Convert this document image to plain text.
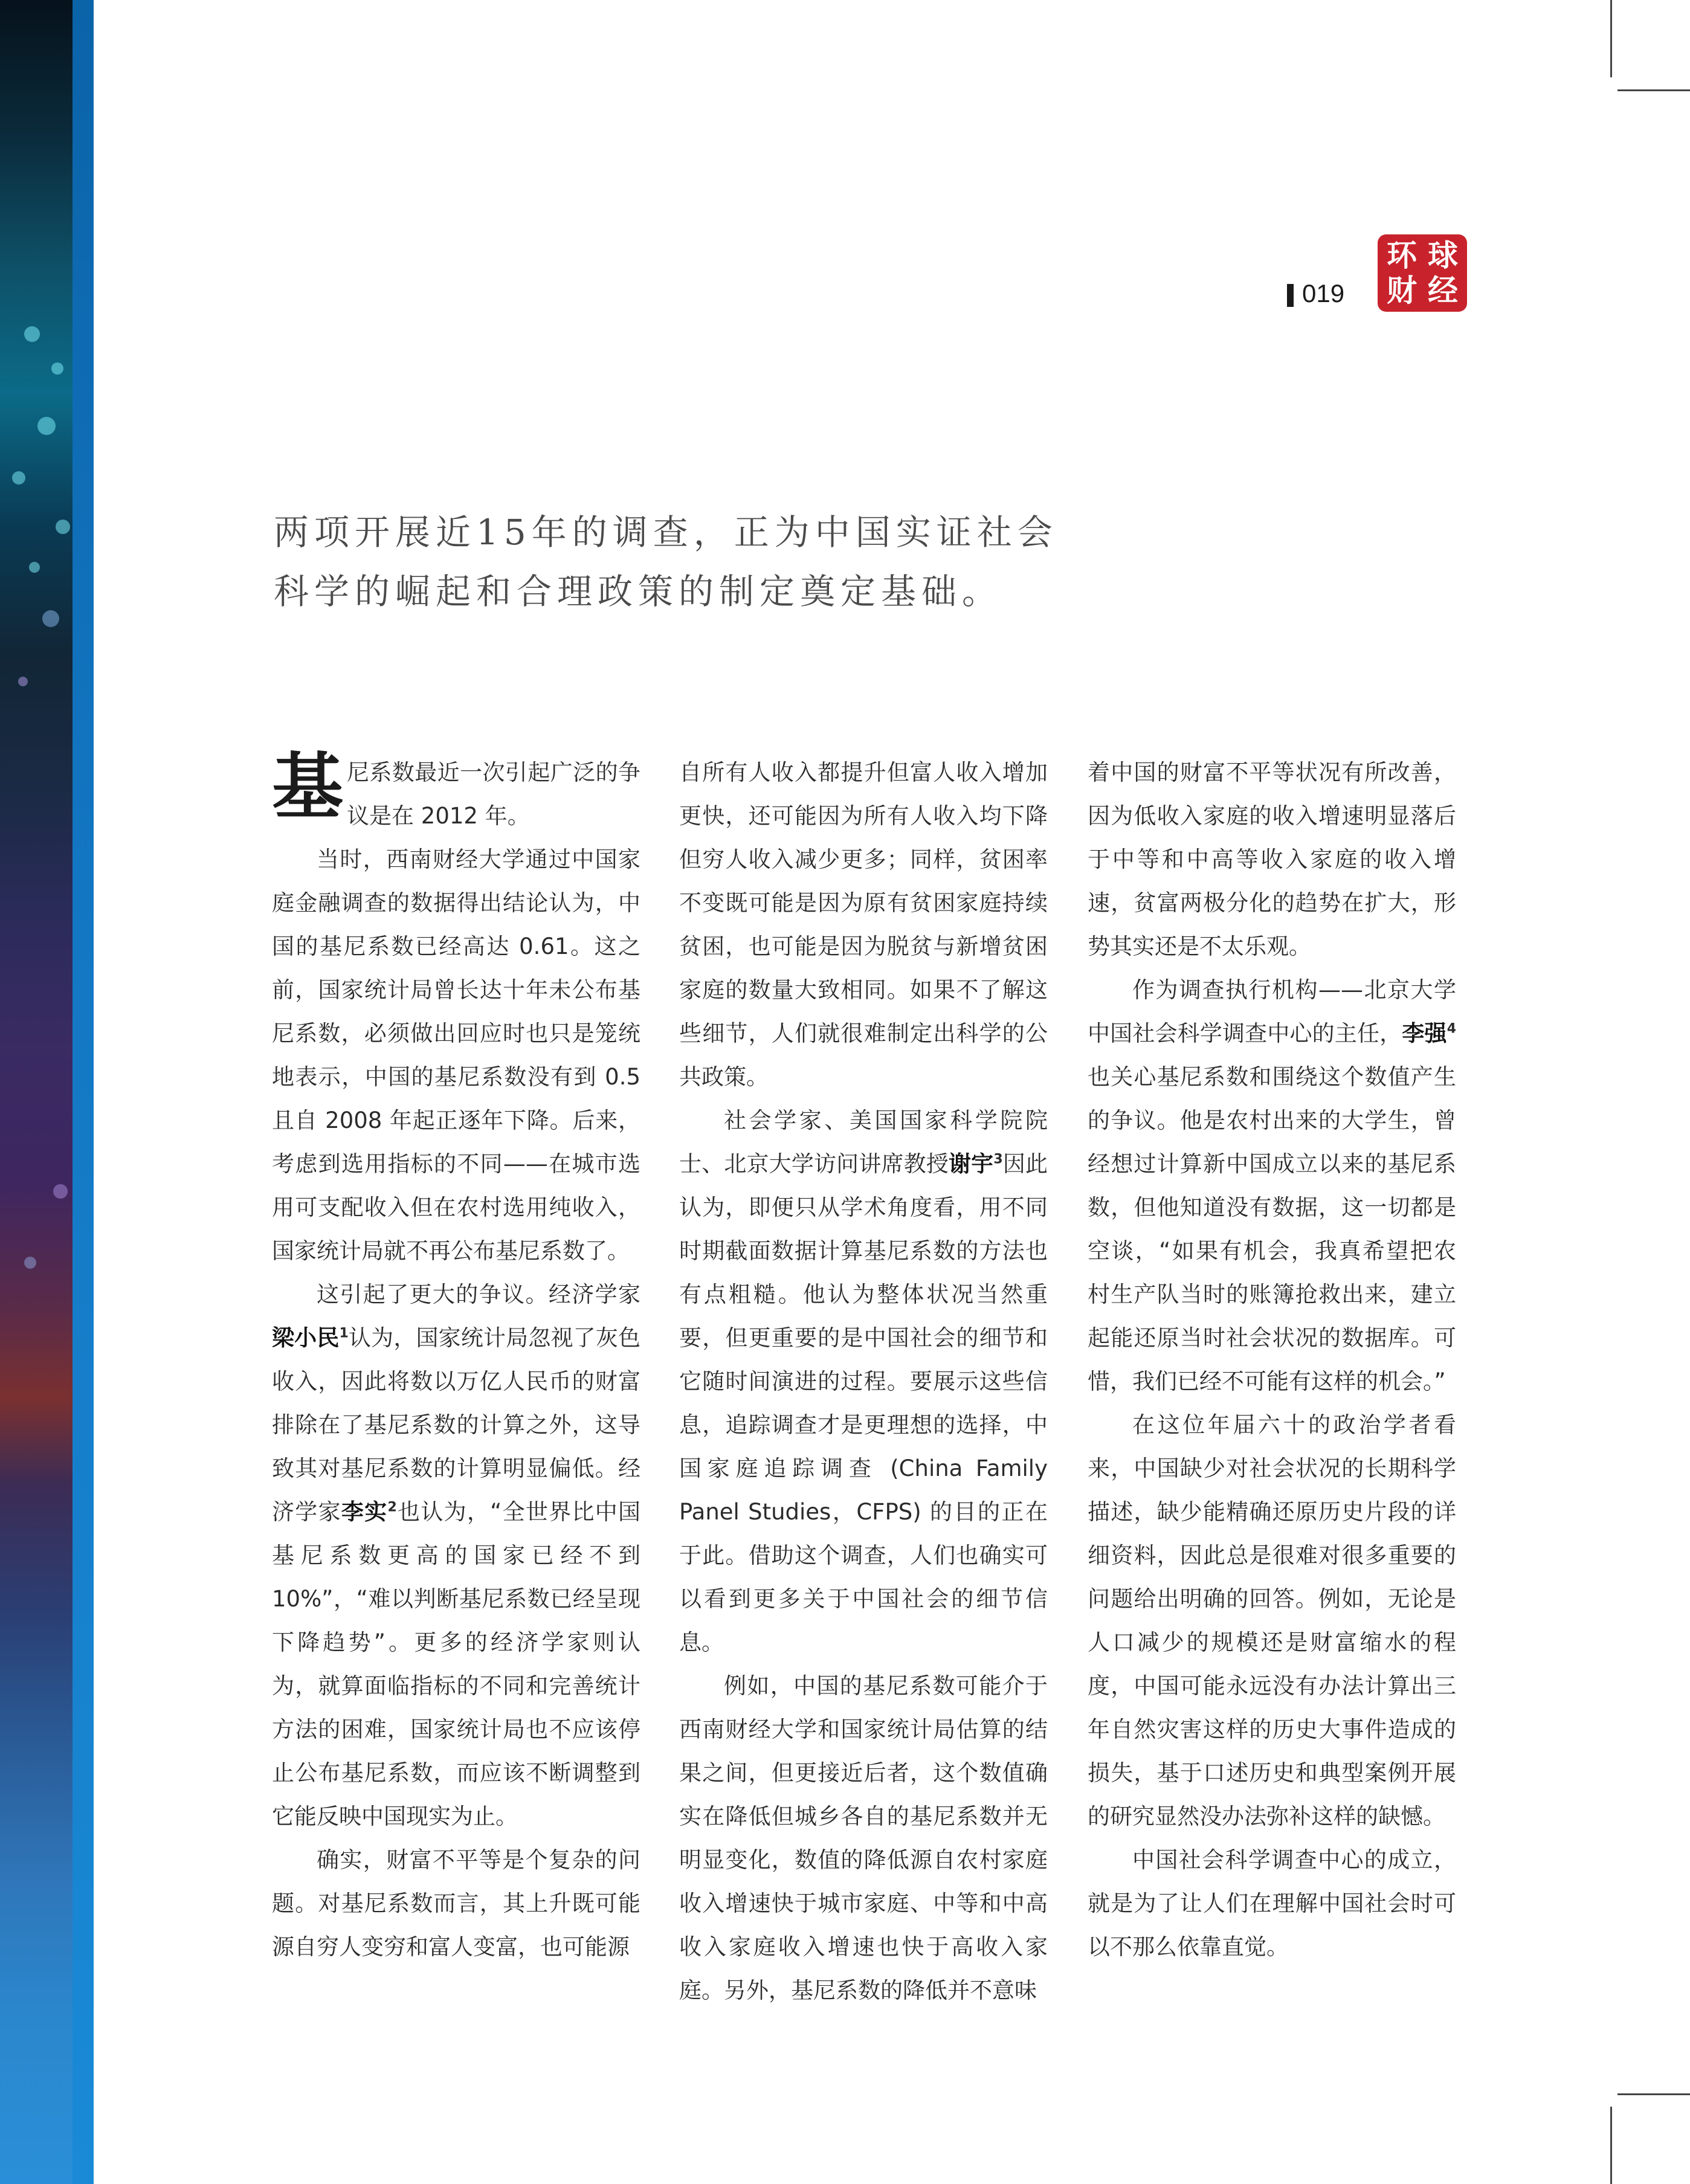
019
环 球
财 经
两项开展近15年的调查，正为中国实证社会
科学的崛起和合理政策的制定奠定基础。

基尼系数最近一次引起广泛的争议是在 2012 年。

当时，西南财经大学通过中国家庭金融调查的数据得出结论认为，中国的基尼系数已经高达 0.61。这之前，国家统计局曾长达十年未公布基尼系数，必须做出回应时也只是笼统地表示，中国的基尼系数没有到 0.5 且自 2008 年起正逐年下降。后来，考虑到选用指标的不同——在城市选用可支配收入但在农村选用纯收入，国家统计局就不再公布基尼系数了。

这引起了更大的争议。经济学家梁小民$^1$认为，国家统计局忽视了灰色收入，因此将数以万亿人民币的财富排除在了基尼系数的计算之外，这导致其对基尼系数的计算明显偏低。经济学家李实$^2$也认为，“全世界比中国基尼系数更高的国家已经不到 10%”，“难以判断基尼系数已经呈现下降趋势”。更多的经济学家则认为，就算面临指标的不同和完善统计方法的困难，国家统计局也不应该停止公布基尼系数，而应该不断调整到它能反映中国现实为止。

确实，财富不平等是个复杂的问题。对基尼系数而言，其上升既可能源自穷人变穷和富人变富，也可能源

自所有人收入都提升但富人收入增加更快，还可能因为所有人收入均下降但穷人收入减少更多；同样，贫困率不变既可能是因为原有贫困家庭持续贫困，也可能是因为脱贫与新增贫困家庭的数量大致相同。如果不了解这些细节，人们就很难制定出科学的公共政策。

社会学家、美国国家科学院院士、北京大学访问讲席教授谢宇$^3$因此认为，即便只从学术角度看，用不同时期截面数据计算基尼系数的方法也有点粗糙。他认为整体状况当然重要，但更重要的是中国社会的细节和它随时间演进的过程。要展示这些信息，追踪调查才是更理想的选择，中国家庭追踪调查 (China Family Panel Studies，CFPS) 的目的正在于此。借助这个调查，人们也确实可以看到更多关于中国社会的细节信息。

例如，中国的基尼系数可能介于西南财经大学和国家统计局估算的结果之间，但更接近后者，这个数值确实在降低但城乡各自的基尼系数并无明显变化，数值的降低源自农村家庭收入增速快于城市家庭、中等和中高收入家庭收入增速也快于高收入家庭。另外，基尼系数的降低并不意味

着中国的财富不平等状况有所改善，因为低收入家庭的收入增速明显落后于中等和中高等收入家庭的收入增速，贫富两极分化的趋势在扩大，形势其实还是不太乐观。

作为调查执行机构——北京大学中国社会科学调查中心的主任，李强$^4$也关心基尼系数和围绕这个数值产生的争议。他是农村出来的大学生，曾经想过计算新中国成立以来的基尼系数，但他知道没有数据，这一切都是空谈，“如果有机会，我真希望把农村生产队当时的账簿抢救出来，建立起能还原当时社会状况的数据库。可惜，我们已经不可能有这样的机会。”

在这位年届六十的政治学者看来，中国缺少对社会状况的长期科学描述，缺少能精确还原历史片段的详细资料，因此总是很难对很多重要的问题给出明确的回答。例如，无论是人口减少的规模还是财富缩水的程度，中国可能永远没有办法计算出三年自然灾害这样的历史大事件造成的损失，基于口述历史和典型案例开展的研究显然没办法弥补这样的缺憾。

中国社会科学调查中心的成立，就是为了让人们在理解中国社会时可以不那么依靠直觉。
